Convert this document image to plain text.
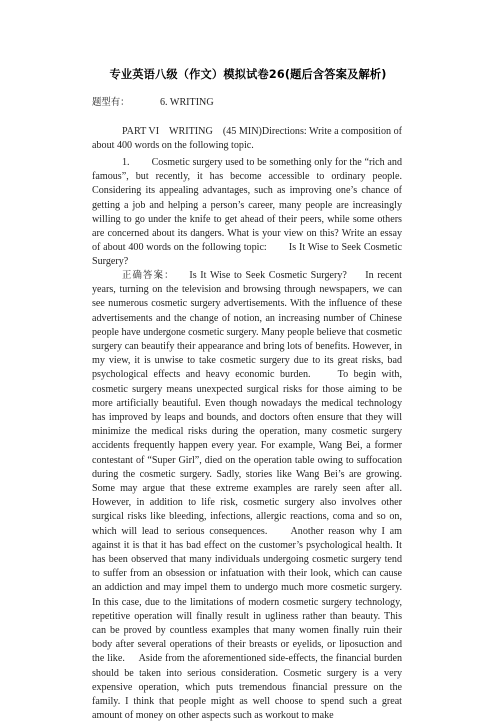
专业英语八级（作文）模拟试卷26(题后含答案及解析)
题型有：	6. WRITING
PART VI    WRITING    (45 MIN)Directions: Write a composition of about 400 words on the following topic.
1.        Cosmetic surgery used to be something only for the “rich and famous”, but recently, it has become accessible to ordinary people. Considering its appealing advantages, such as improving one’s chance of getting a job and helping a person’s career, many people are increasingly willing to go under the knife to get ahead of their peers, while some others are concerned about its dangers. What is your view on this? Write an essay of about 400 words on the following topic:        Is It Wise to Seek Cosmetic Surgery?
正确答案：    Is It Wise to Seek Cosmetic Surgery?     In recent years, turning on the television and browsing through newspapers, we can see numerous cosmetic surgery advertisements. With the influence of these advertisements and the change of notion, an increasing number of Chinese people have undergone cosmetic surgery. Many people believe that cosmetic surgery can beautify their appearance and bring lots of benefits. However, in my view, it is unwise to take cosmetic surgery due to its great risks, bad psychological effects and heavy economic burden.     To begin with, cosmetic surgery means unexpected surgical risks for those aiming to be more artificially beautiful. Even though nowadays the medical technology has improved by leaps and bounds, and doctors often ensure that they will minimize the medical risks during the operation, many cosmetic surgery accidents frequently happen every year. For example, Wang Bei, a former contestant of “Super Girl”, died on the operation table owing to suffocation during the cosmetic surgery. Sadly, stories like Wang Bei’s are growing. Some may argue that these extreme examples are rarely seen after all. However, in addition to life risk, cosmetic surgery also involves other surgical risks like bleeding, infections, allergic reactions, coma and so on, which will lead to serious consequences.     Another reason why I am against it is that it has bad effect on the customer’s psychological health. It has been observed that many individuals undergoing cosmetic surgery tend to suffer from an obsession or infatuation with their look, which can cause an addiction and may impel them to undergo much more cosmetic surgery. In this case, due to the limitations of modern cosmetic surgery technology, repetitive operation will finally result in ugliness rather than beauty. This can be proved by countless examples that many women finally ruin their body after several operations of their breasts or eyelids, or liposuction and the like.     Aside from the aforementioned side-effects, the financial burden should be taken into serious consideration. Cosmetic surgery is a very expensive operation, which puts tremendous financial pressure on the family. I think that people might as well choose to spend such a great amount of money on other aspects such as workout to make
